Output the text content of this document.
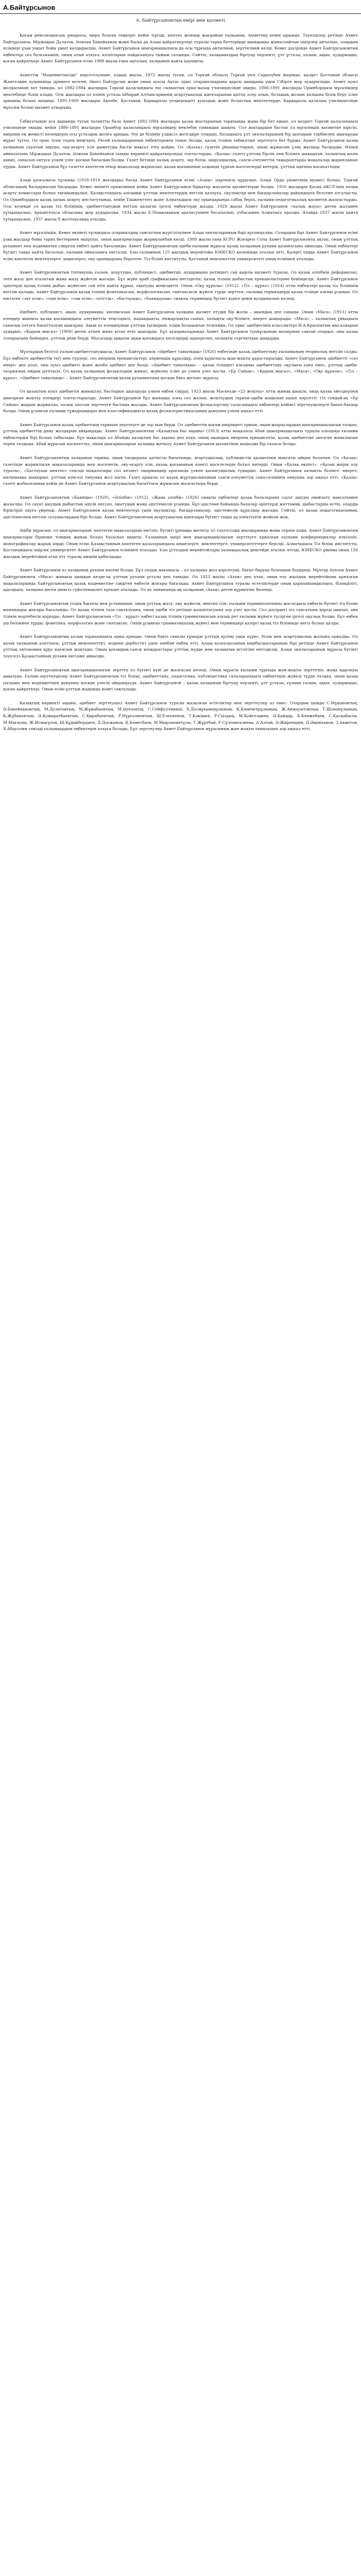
А.Байтұрсынов
А. Байтұрсыновтың өмірі мен қызметі

Қоғам революциясын ұмырыла, мирп болған төңкеріс кейін тірілді, көптеп жоюнш жағдайын тапқанық. Ахметтер кейін ырымда. Тәуелділер ретінде Ахмет Байтұрсынов, Міржақып Дулатов, Әлихан Бөкейханов және басқа да Алаш қайраткерлері туралы тарих беттерінде шындыққа жанаспайтын пікірлер айтылып, олардың есімдері ұзақ уақыт бойы ұмыт қалдырылды. Ахмет Байтұрсынов шығармашылығы да осы тұрғыда айтылмай, зерттелмей келді. Кеңес дәуірінде Ахмет Байтұрсыновтың еңбектері сөз болғанымен, оның атын атауға, кітаптарын пайдалануға тыйым салынды. Сөйтіп, халқымыздың біртуар перзенті, ұлт ұстазы, ғалым, ақын, аудармашы, қоғам қайраткері Ахмет Байтұрсынов есімі 1988 жылы ғана ақталып, халқымен қайта қауышты.

Ахметтің "Мәдениетімізде" көрсетілуінше: аздаш жылы, 1872 жылы туған, ол Торғай облысы Торғай уезі Сарытүбек жерінде, қазіргі Қостанай облысы Жангелдин ауданында дүниеге келген. Әкесі Байтұрсын және оның ағасы Ақтас орыс отаршылдарына қарсы шыққаны үшін Сібірге жер аударылады. Ахмет ауыл молдасынан хат таниды, ал 1882-1884 жылдары Торғай қаласындағы екі сыныптық орыс-қазақ училищесінде оқиды. 1886-1891 жылдары Орынбордағы мұғалімдер мектебінде білім алады. Осы жылдары ол өзінің ұстазы Ыбырай Алтынсариннің ағартушылық идеяларынан қатты әсер алып, болашақ жолын халқына білім беру ісіне арнамақ болып шешеді. 1895-1909 жылдары Ақтөбе, Қостанай, Қарқаралы уездеріндегі ауылдық және болыстық мектептерде, Қарқаралы қалалық училищесінде мұғалім болып қызмет атқарады.

Табиғатынан аса дарынды туған талантты бала Ахмет 1882-1884 жылдары қазақ жастарының тарихында жаңа бір бет ашып, ол кездегі Торғай қаласындағы училищеде оқыды, кейін 1886-1891 жылдары Орынбор қаласындағы мұғалімдер мектебін тамамдап шықты. Сол жылдардан бастап ол мұғалімдік қызметке кірісіп, өмірінің ең жемісті кезеңдерін осы ұстаздық жолға арнады. Өзі де білімін үздіксіз жетілдіре отырып, болашақта ұлт зиялыларының бір шоғырын тәрбиелеп шығаруды мұрат тұтты. Ол орыс тілін терең меңгеріп, Ресей ғалымдарының еңбектерімен таныс болды, қазақ тілінің табиғатын зерттеуге бет бұрды. Ахмет Байтұрсынов қазақ халқының сауатын ашуды, оқу-ағарту ісін дамытуды басты мақсат етіп қойды. Ол «Қазақ» газетін ұйымдастырып, оның жұмысын ұзақ жылдар басқарды. Өзінің айналасына Міржақып Дулатов, Әлихан Бөкейханов сынды көрнекті қайраткерлерді топтастырды. «Қазақ» газеті ұлттық бірлік пен білімге шақырған, халықтың көзін ашып, санасын оятуға үлкен үлес қосқан басылым болды. Газет бетінде халық ағарту, оқу-білім, шаруашылық, саяси-әлеуметтік тақырыптарда мақалалар жарияланып тұрды. Ахмет Байтұрсынов бұл газетте көптеген өткір мақалалар жариялап, қазақ қоғамының алдында тұрған мәселелерді көтерді, ұлттық идеяны насихаттады.

Алаш қозғалысы тұсында (1918-1919 жылдары) басқа Ахмет Байтұрсынов есімі «Алаш» партиясы құрылып, Алаш Орда үкіметінің мүшесі болып, Торғай облысының басқармасын басқарды. Кеңес өкіметі орнағаннан кейін Ахмет Байтұрсынов бірқатар жауапты қызметтерде болды. 1920 жылдары Қазақ АКСР-інің халық ағарту комиссары болып тағайындалып, Қазақстандағы алғашқы ұлттық мектептердің негізін қалауға, оқулықтар мен бағдарламалар дайындауға белсене атсалысты. Ол Орынбордағы қазақ халық ағарту институтында, кейін Ташкенттегі және Алматыдағы оқу орындарында сабақ беріп, ғылыми-педагогикалық қызметін жалғастырды. Осы кезеңде ол қазақ тіл білімінің, әдебиеттанудың негізін қалаған іргелі еңбектерін жазды. 1929 жылы Ахмет Байтұрсынов «халық жауы» деген жаламен тұтқындалып, Архангельск облысына жер аударылды. 1934 жылы Е.Пешкованың араласуымен босатылып, отбасымен Алматыға оралды. Алайда 1937 жылы қайта тұтқындалып, 1937 жылы 8 желтоқсанда атылды.

Ахмет мұғалімдік. Кеңес өкіметі тұсындағы отаршылдық саясаттың жүргізілуімен Алаш зиялыларының бәрі қуғындалды. Солардың бірі Ахмет Байтұрсынов есімі ұзақ жылдар бойы тарих беттерінен өшіріліп, оның шығармалары жарияланбай келді. 1988 жылы ғана КСРО Жоғарғы Соты Ахмет Байтұрсыновты ақтап, оның ұлттық руханият пен мәдениетке сіңірген еңбегі қайта бағаланды. Ахмет Байтұрсыновтың әдеби-ғылыми мұрасы қазақ халқының рухани қазынасына айналды. Оның еңбектері бүгінгі таңда қайта басылып, ғылыми айналымға енгізілді. Ұлы ғалымның 125 жылдық мерейтойы ЮНЕСКО көлемінде аталып өтті. Қазіргі таңда Ахмет Байтұрсынов есімі көптеген мектептерге, көшелерге, оқу орындарына берілген. Тіл білімі институты, Қостанай мемлекеттік университеті оның есімімен аталады.

Ахмет Байтұрсыновтың тілтанушы ғалым, ағартушы, публицист, әдебиетші, аудармашы ретіндегі сан қырлы қызметі туралы. Ол қазақ әліпбиін реформалап, төте жазу деп аталатын жаңа жазу жүйесін жасады. Бұл жүйе араб графикасына негізделіп, қазақ тілінің дыбыстық ерекшеліктеріне бейімделді. Ахмет Байтұрсынов әріптерді қазақ тілінің дыбыс жүйесіне сай етіп қайта құрып, оқытуды жеңілдетті. Оның «Оқу құралы» (1912), «Тіл – құрал» (1914) атты еңбектері қазақ тіл білімінің негізін қалады. Ахмет Байтұрсынов қазақ тілінің фонетикасын, морфологиясын, синтаксисін жүйелі түрде зерттеп, ғылыми терминдерді қазақ тілінде алғаш ұсынды. Ол енгізген «зат есім», «сын есім», «сан есім», «етістік», «бастауыш», «баяндауыш» сияқты терминдер бүгінгі күнге дейін қолданылып келеді.

Әдебиет, публицист, ақын, аудармашы, көсемсөзші Ахмет Байтұрсынов халқына қызмет етудің бір жолы – ақындық деп санады. Оның «Маса» (1911) атты өлеңдер жинағы қазақ қоғамындағы әлеуметтік теңсіздікті, надандықты, енжарлықты сынап, халықты оқу-білімге, өнерге шақырады. «Маса» – халықтың ұйқыдағы санасын оятуға бағытталған шығарма. Ақын өз өлеңдерінде ұлттың тағдырын, елдің болашағын толғайды. Ол орыс әдебиетінің классиктері И.А.Крыловтың мысалдарын аударып, «Қырық мысал» (1909) деген атпен жеке кітап етіп шығарды. Бұл аудармаларында Ахмет Байтұрсынов түпнұсқаның мазмұнын сақтай отырып, оны қазақ топырағына бейімдеп, ұлттық реңк берді. Мысалдар арқылы ақын қоғамдағы кеселдерді әшкерелеп, халықты сергектікке шақырды.

Мұхтардың белгілі ғалым-әдебиеттанушысы, Ахмет Байтұрсынов «Әдебиет танытқыш» (1926) еңбегінде қазақ әдебиеттану ғылымының теориялық негізін салды. Бұл еңбекте әдебиеттің тегі мен түрлері, сөз өнерінің ерекшеліктері, көркемдік құралдар, өлең құрылысы жан-жақты қарастырылды. Ахмет Байтұрсынов әдебиетті «сөз өнері» деп атап, оны ауыз әдебиеті және жазба әдебиет деп бөлді. «Әдебиет танытқыш» – қазақ тіліндегі алғашқы әдебиеттану оқулығы ғана емес, ұлттық әдеби-теориялық ойдың іргетасы. Ол қазақ халқының фольклорын жинау, жүйелеу ісіне де үлкен үлес қосты. «Ер Сайын», «Қырық мысал», «Маса», «Оқу құралы», «Тіл – құрал», «Әдебиет танытқыш» – Ахмет Байтұрсыновтың қазақ руханиятына қосқан баға жетпес мұрасы.

Ол қазақтың ауыз әдебиетін жинақтап, бастырып шығаруда үлкен еңбек сіңірді. 1923 жылы Мәскеуде «23 жоқтау» атты жинақ шықты, онда қазақ әйелдерінің шығарған жоқтау өлеңдері топтастырылды. Ахмет Байтұрсынов бұл жинаққа алғы сөз жазып, жоқтаудың тарихи-әдеби маңызын ашып көрсетті. Ол сондай-ақ «Ер Сайын» жырын жариялап, халық эпосын зерттеуге бастама жасады. Ахмет Байтұрсыновтың фольклортану саласындағы еңбектері кейінгі зерттеушілерге бағыт-бағдар болды. Оның ұсынған ғылыми тұжырымдары мен классификациясы қазақ фольклористикасының дамуына үлкен ықпал етті.

Ахмет Байтұрсынов қазақ әдебиетінің тарихын зерттеуге де зор мән берді. Ол әдебиеттің қоғам өміріндегі орнын, ақын-жыраулардың шығармашылығын талдап, ұлттық әдебиеттің даму жолдарын айқындады. Ахмет Байтұрсыновтың «Қазақтың бас ақыны» (1913) атты мақаласы Абай шығармашылығы туралы алғашқы ғылыми еңбектердің бірі болып табылады. Бұл мақалада ол Абайды қазақтың бас ақыны деп атап, оның ақындық өнерінің ерекшелігін, қазақ әдебиетіне әкелген жаңалығын терең талдады. Абай мұрасын насихаттау, оның шығармаларын халыққа жеткізу Ахмет Байтұрсынов қызметінің маңызды бір саласы болды.

Ахмет Байтұрсыновтың халқының тарихы, оның тағдырына қатысты бағытында, ағартушылық, публицистік қызметінің мақсаты айқын болатын. Ол «Қазақ» газетінде жариялаған мақалаларында жер мәселесін, оқу-ағарту ісін, қазақ қоғамының өзекті мәселелерін батыл көтерді. Оның «Қазақ өкпесі», «Қазақ жерін алу туралы», «Бастауыш мектеп» секілді мақалалары сол кездегі оқырмандар арасында үлкен қызығушылық тудырды. Ахмет Байтұрсынов халықты білімге, өнерге, ынтымаққа шақырып, ұлттың өзін-өзі тануына жол ашты. Газет арқылы ол қазақ жұртшылығының саяси-әлеуметтік сана-сезімінің оянуына зор ықпал етті. «Қазақ» газеті жабылғаннан кейін де Ахмет Байтұрсынов ағартушылық бағыттағы жұмысын жалғастыра берді.

Ахмет Байтұрсыновтың «Баяншы» (1920), «Әліпбиі» (1912), «Жаңа әліпби» (1926) сияқты еңбектері қазақ балаларына сауат ашуды оңайлату мақсатымен жазылды. Ол сауат ашудың дыбыстық әдісін енгізіп, оқытудың жаңа әдістемесін ұсынды. Бұл әдістеме бойынша балалар әріптерді жаттамай, дыбыстарды естіп, оларды біріктіріп оқуға үйренді. Ахмет Байтұрсынов қазақ мектептері үшін оқулықтар, бағдарламалар, әдістемелік құралдар жасады. Сөйтіп, ол қазақ педагогикасының, әдістемесінің негізін салушылардың бірі болды. Ахмет Байтұрсыновтың ағартушылық идеялары бүгінгі таңда да өзектілігін жойған жоқ.

Әдіби мұрасын, ол шығармаларын, көптеген мақалаларын енгізіп, бүгінгі ұрпаққа жеткізу ісі тәуелсіздік жылдарында жаңа серпін алды. Ахмет Байтұрсыновтың шығармалары бірнеше томдық жинақ болып басылып шықты. Ғалымның өмірі мен шығармашылығын зерттеуге арналған ғылыми конференциялар өткізіліп, монографиялар жарық көрді. Оның есімі Қазақстанның көптеген қалаларындағы көшелерге, мектептерге, университеттерге берілді. Алматыдағы Тіл білімі институты, Қостанайдағы өңірлік университет Ахмет Байтұрсынов есімімен аталады. Ұлы ұстаздың мерейтойлары халықаралық деңгейде аталып өтілді, ЮНЕСКО ұйымы оның 150 жылдық мерейтойын атап өту туралы шешім қабылдады.

Ахмет Байтұрсынов өз халқының рухани көсемі болды. Бұл сөздің мағынасы – ол халқына жол көрсетуші, бағыт беруші болғанын білдіреді. Мұхтар Әуезов Ахмет Байтұрсыновты «Маса» жинағы шыққан кезде-ақ ұлттың рухани ұстазы деп таныды. Ол 1923 жылы «Ахаң» деп атап, оның елу жылдық мерейтойына арналған мақалаларында Байтұрсыновтың қазақ мәдениетіне сіңірген еңбегін жоғары бағалады. Ахмет Байтұрсынов туралы естеліктерде оның қарапайымдылығы, білімділігі, адалдығы, халқына деген шексіз сүйіспеншілігі ерекше аталады. Ол өз заманында-ақ халқының «Ахаң» деген құрметіне бөленді.

Ахмет Байтұрсыновтың тілдік бағыты мен ұстанымын, оның ұлттық жазу, оқу жүйесін, мектеп ісін, ғылыми терминологияны жасаудағы еңбегін бүгінгі тіл білімі мамандары жоғары бағалайды. Ол қазақ тілінің таза сақталуына, оның әдеби тіл ретінде қалыптасуына зор үлес қосты. Сол дәуірдегі тіл саясатына қарсы шығып, ана тілінің мәртебесін қорғады. Ахмет Байтұрсыновтың «Тіл – құрал» еңбегі қазақ тілінің грамматикасын алғаш рет ғылыми жүйеге түсірген іргелі оқулық болды. Бұл еңбек үш бөлімнен тұрды: фонетика, морфология және синтаксис. Оның ұсынған грамматикалық жүйесі мен терминдері қазіргі қазақ тіл білімінде негіз болып қалды.

Ахмет Байтұрсыновтың халық тарихындағы орны ерекше. Оның бүкіл саналы ғұмыры ұлттың ертеңі үшін күрес, білім мен ағартушылық жолына арналды. Ол қазақ халқының азаттығы, ұлттық мемлекеттігі, мәдени дербестігі үшін аянбай еңбек етті. Алаш қозғалысының көшбасшыларының бірі ретінде Ахмет Байтұрсынов ұлттық автономия құру идеясын жақтады. Оның қоғамдық-саяси көзқарастары ұлттық мүдде мен халықтың игілігіне негізделді. Алаш зиялыларының мұрасы бүгінгі тәуелсіз Қазақстанның рухани негізіне айналды.

Ахмет Байтұрсыновтың шығармашылығын зерттеу ісі бүгінгі күні де жалғасып келеді. Оның мұрасы ғылыми тұрғыда жан-жақты зерттеліп, жаңа қырлары ашылуда. Ғалым-зерттеушілер Ахмет Байтұрсыновтың тіл білімі, әдебиеттану, педагогика, публицистика салаларындағы еңбектерін жүйелі түрде талдап, оның қазақ ғылымы мен мәдениетінің дамуына қосқан үлесін айқындауда. Ахмет Байтұрсынов – қазақ халқының біртуар перзенті, ұлт ұстазы, ғұлама ғалым, ақын, аудармашы, қоғам қайраткері. Оның есімі ұлттың жадында мәңгі сақталады.

Қазақтың көрнекті ақыны, әдебиет зерттеушісі Ахмет Байтұрсынов туралы жазылған естеліктер мен зерттеулер аз емес. Олардың ішінде С.Мұқановтың, Ә.Бөкейхановтың, М.Дулатовтың, М.Жұмабаевтың, М.Әуезовтің, С.Сейфуллиннің, Х.Досмұхамедұлының, Қ.Кемеңгерұлының, Ж.Аймауытовтың, Т.Шонанұлының, Қ.Жұбановтың, Ә.Қоңыратбаевтың, С.Қирабаевтың, Р.Нұрғалиевтың, Ш.Елеукенов, Т.Кәкішев, Р.Сыздық, М.Қойгелдиев, Ә.Қайдар, Б.Кенжебаев, С.Қасқабасов, М.Мағауин, Ж.Исмағұлов, Ш.Құдайбердиев, Д.Досжанов, К.Кеңесбаев, М.Мырзахметұлы, Т.Жұртбай, Р.Сұлтанғалиева, А.Алтай, Ә.Жиреншин, Д.Әшімханов, З.Ахметов, Х.Абдуллин секілді ғалымдардың еңбектерін атауға болады. Бұл зерттеулер Ахмет Байтұрсынов мұрасының жан-жақты танылуына зор ықпал етті.
